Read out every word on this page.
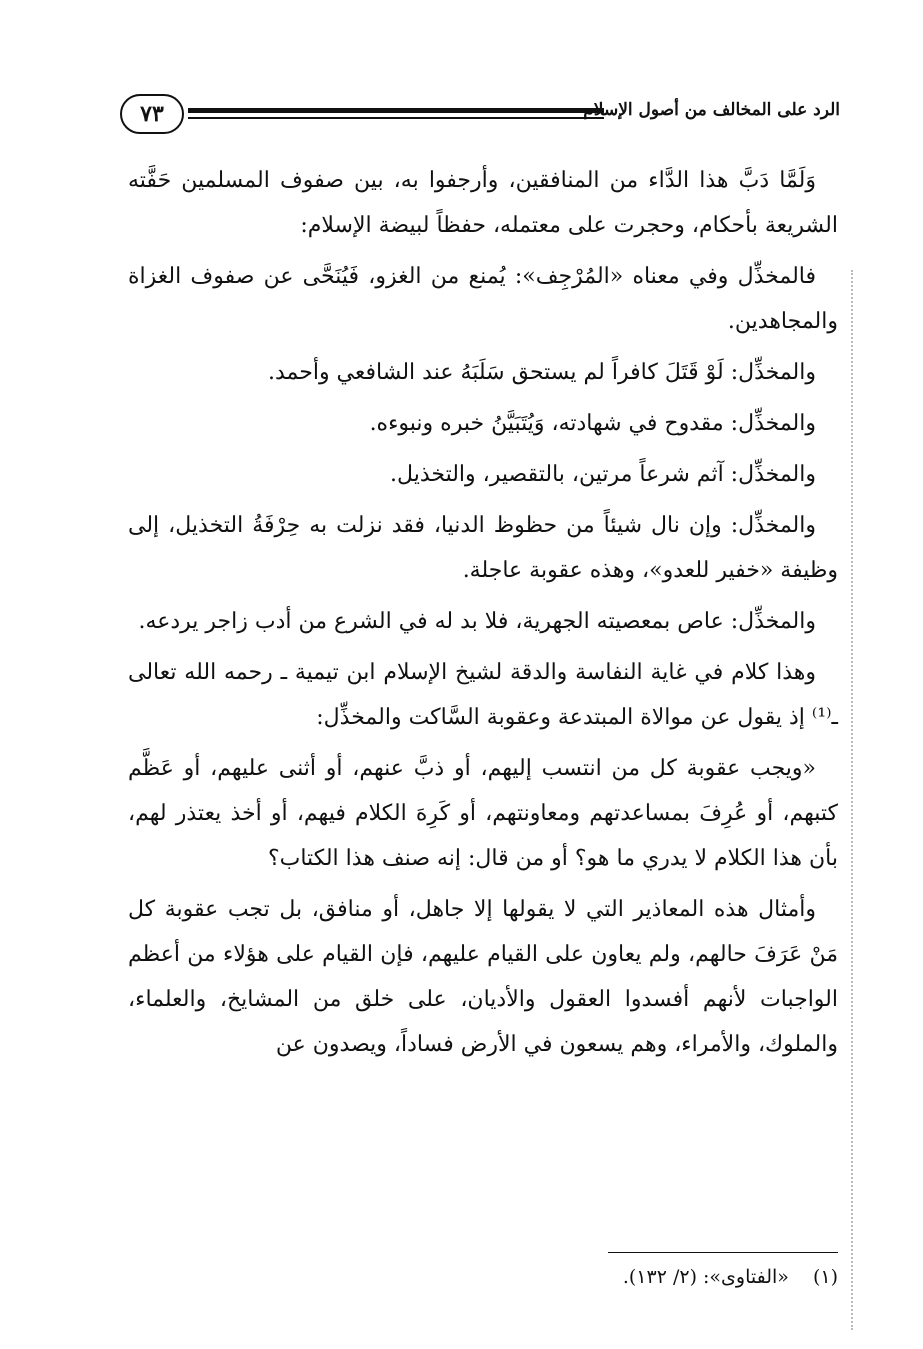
٧٣	الرد على المخالف من أصول الإسلام

وَلَمَّا دَبَّ هذا الدَّاء من المنافقين، وأرجفوا به، بين صفوف المسلمين حَفَّته الشريعة بأحكام، وحجرت على معتمله، حفظاً لبيضة الإسلام:

فالمخذِّل وفي معناه «المُرْجِف»: يُمنع من الغزو، فَيُنَحَّى عن صفوف الغزاة والمجاهدين.

والمخذِّل: لَوْ قَتَلَ كافراً لم يستحق سَلَبَهُ عند الشافعي وأحمد.

والمخذِّل: مقدوح في شهادته، وَيُتَبَيَّنُ خبره ونبوءه.

والمخذِّل: آثم شرعاً مرتين، بالتقصير، والتخذيل.

والمخذِّل: وإن نال شيئاً من حظوظ الدنيا، فقد نزلت به حِرْفَةُ التخذيل، إلى وظيفة «خفير للعدو»، وهذه عقوبة عاجلة.

والمخذِّل: عاص بمعصيته الجهرية، فلا بد له في الشرع من أدب زاجر يردعه.

وهذا كلام في غاية النفاسة والدقة لشيخ الإسلام ابن تيمية ـ رحمه الله تعالى ـ⁽¹⁾ إذ يقول عن موالاة المبتدعة وعقوبة السَّاكت والمخذِّل:

«ويجب عقوبة كل من انتسب إليهم، أو ذبَّ عنهم، أو أثنى عليهم، أو عَظَّم كتبهم، أو عُرِفَ بمساعدتهم ومعاونتهم، أو كَرِهَ الكلام فيهم، أو أخذ يعتذر لهم، بأن هذا الكلام لا يدري ما هو؟ أو من قال: إنه صنف هذا الكتاب؟

وأمثال هذه المعاذير التي لا يقولها إلا جاهل، أو منافق، بل تجب عقوبة كل مَنْ عَرَفَ حالهم، ولم يعاون على القيام عليهم، فإن القيام على هؤلاء من أعظم الواجبات لأنهم أفسدوا العقول والأديان، على خلق من المشايخ، والعلماء، والملوك، والأمراء، وهم يسعون في الأرض فساداً، ويصدون عن

(١)«الفتاوى»: (٢/ ١٣٢).
